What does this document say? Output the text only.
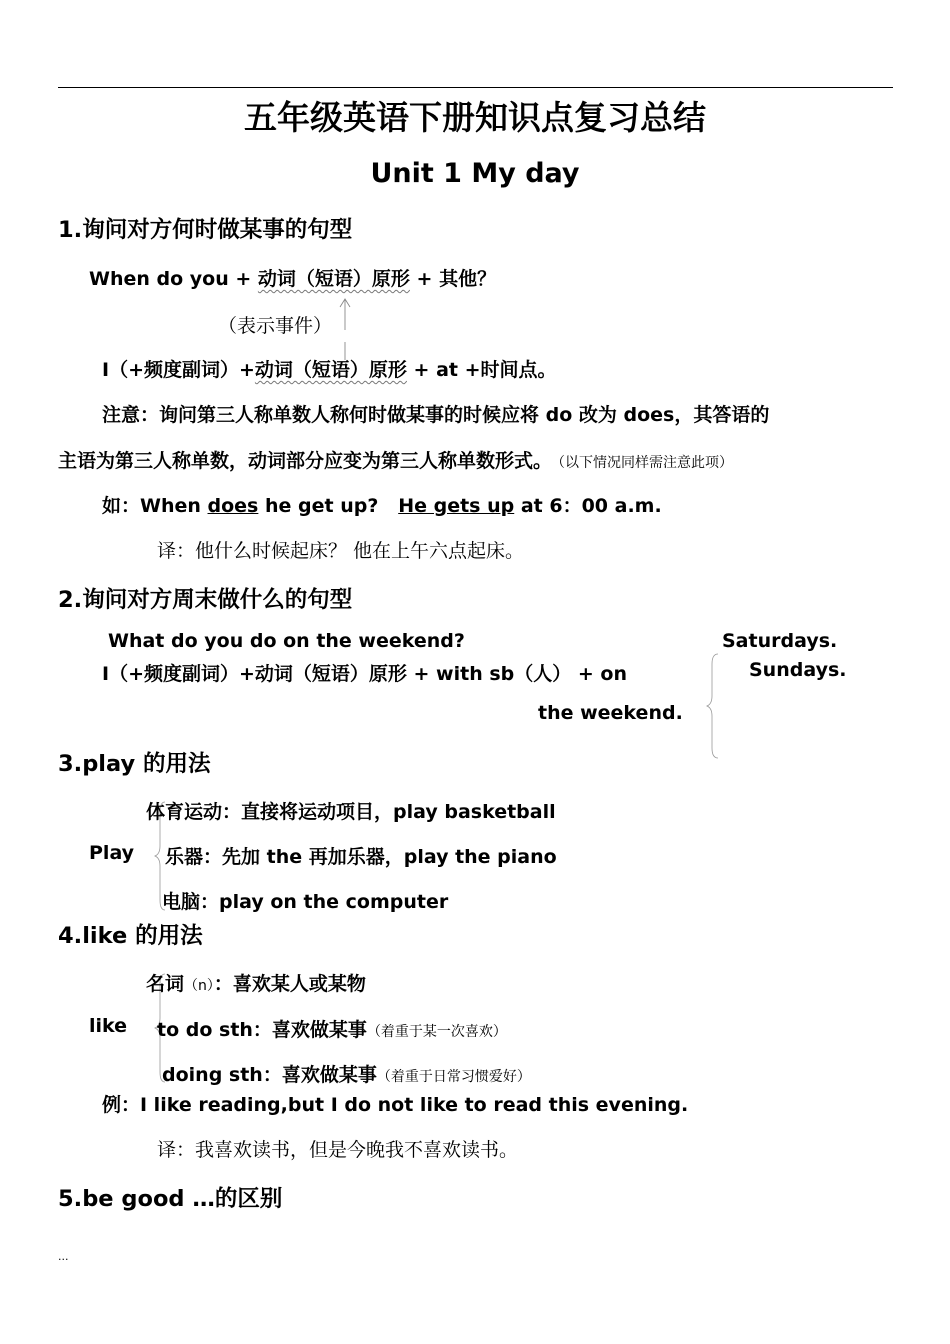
五年级英语下册知识点复习总结
Unit 1 My day
1.询问对方何时做某事的句型
When do you + 动词（短语）原形 + 其他？
（表示事件）
I（+频度副词）+动词（短语）原形 + at +时间点。
注意：询问第三人称单数人称何时做某事的时候应将 do 改为 does，其答语的
主语为第三人称单数，动词部分应变为第三人称单数形式。 （以下情况同样需注意此项）
如：When does he get up?   He gets up at 6：00 a.m.
译：他什么时候起床？ 他在上午六点起床。
2.询问对方周末做什么的句型
What do you do on the weekend?	Saturdays.
I（+频度副词）+动词（短语）原形 + with sb（人） + on	Sundays.
the weekend.
3.play 的用法
Play
体育运动：直接将运动项目，play basketball
乐器：先加 the 再加乐器，play the piano
电脑：play on the computer
4.like 的用法
like
名词（n）：喜欢某人或某物
to do sth：喜欢做某事（着重于某一次喜欢）
doing sth：喜欢做某事（着重于日常习惯爱好）
例：I like reading,but I do not like to read this evening.
译：我喜欢读书，但是今晚我不喜欢读书。
5.be good …的区别
...
